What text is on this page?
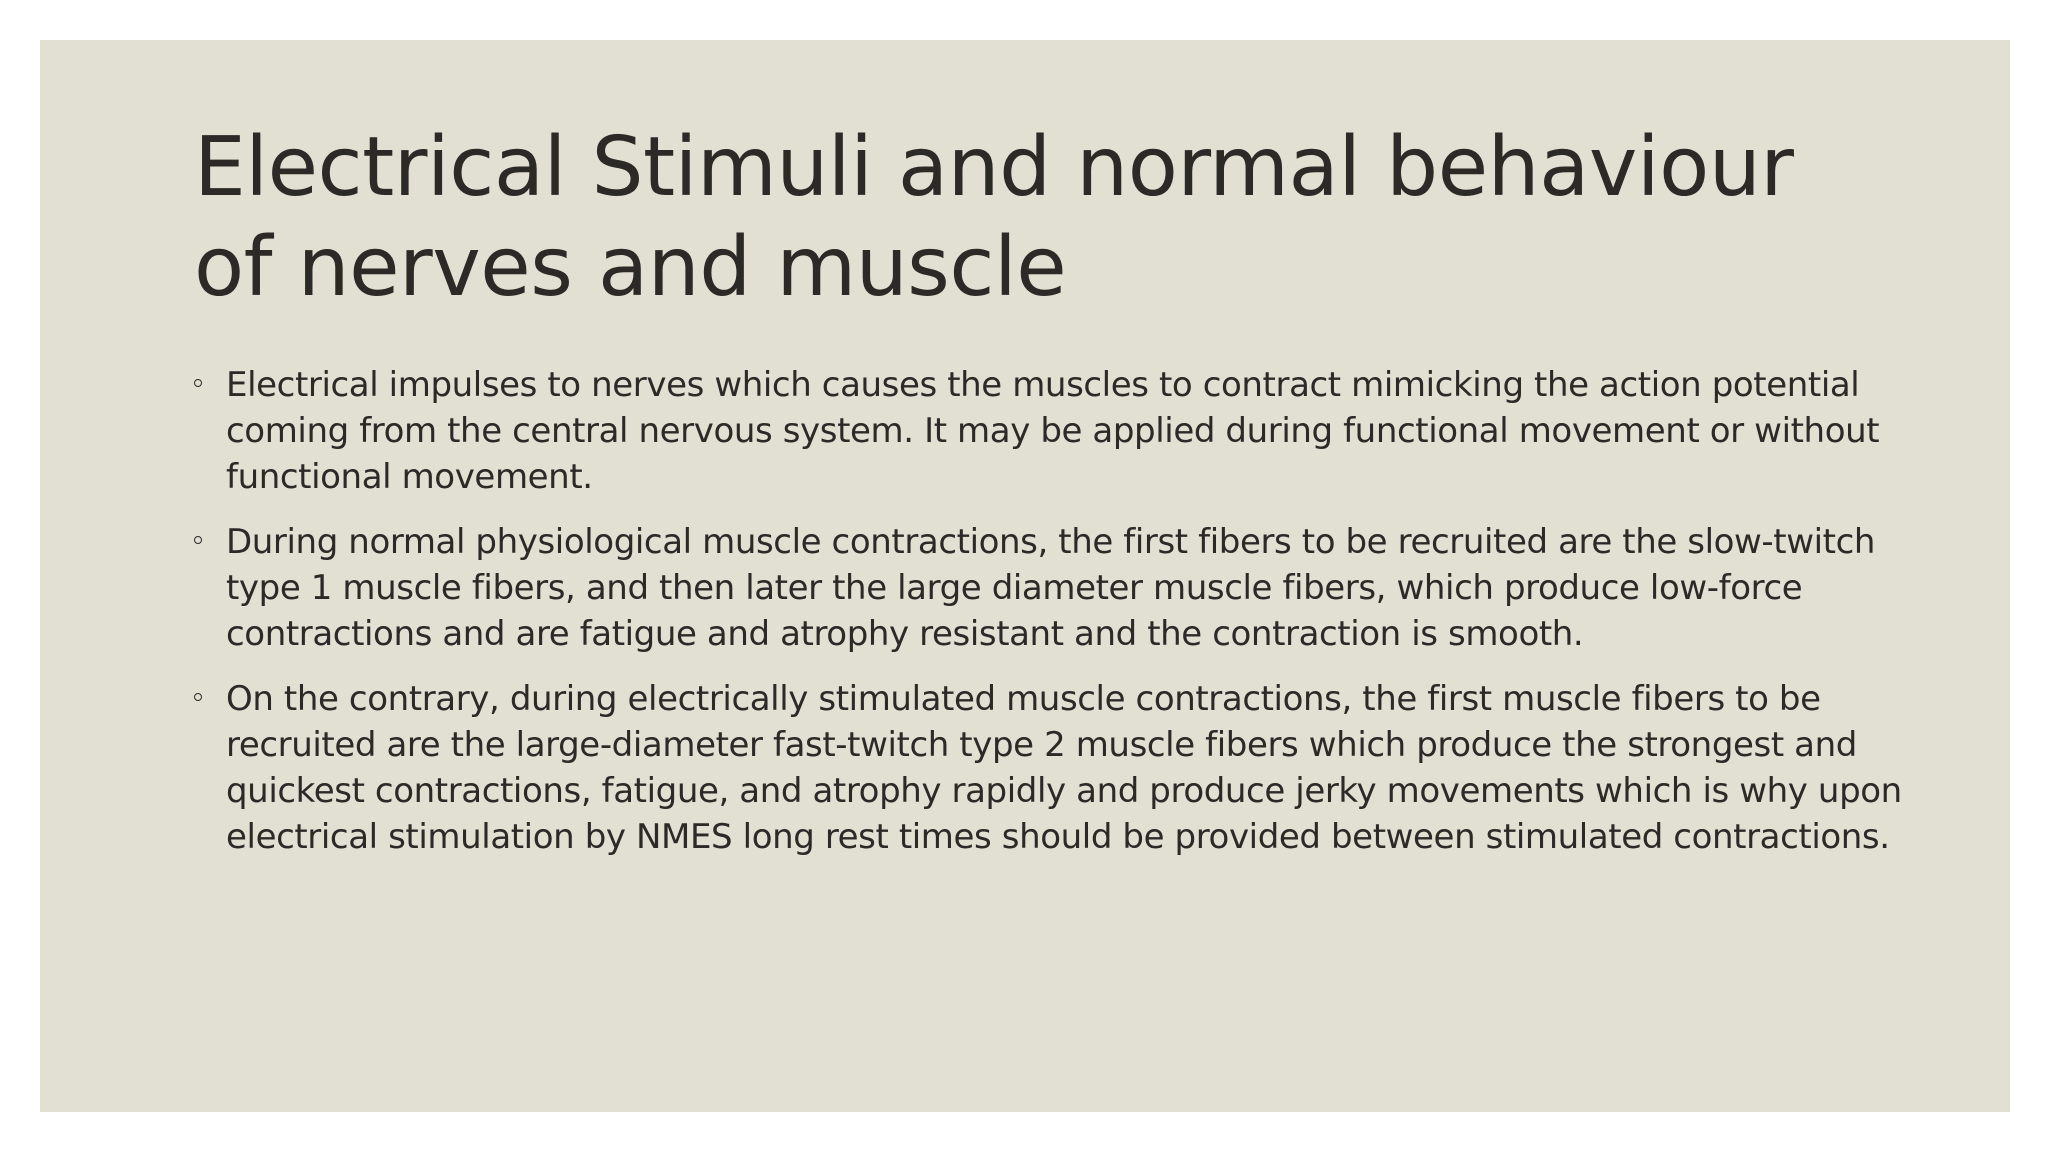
Electrical Stimuli and normal behaviour of nerves and muscle
Electrical impulses to nerves which causes the muscles to contract mimicking the action potential coming from the central nervous system. It may be applied during functional movement or without functional movement.
During normal physiological muscle contractions, the first fibers to be recruited are the slow-twitch type 1 muscle fibers, and then later the large diameter muscle fibers, which produce low-force contractions and are fatigue and atrophy resistant and the contraction is smooth.
On the contrary, during electrically stimulated muscle contractions, the first muscle fibers to be recruited are the large-diameter fast-twitch type 2 muscle fibers which produce the strongest and quickest contractions, fatigue, and atrophy rapidly and produce jerky movements which is why upon electrical stimulation by NMES long rest times should be provided between stimulated contractions.
